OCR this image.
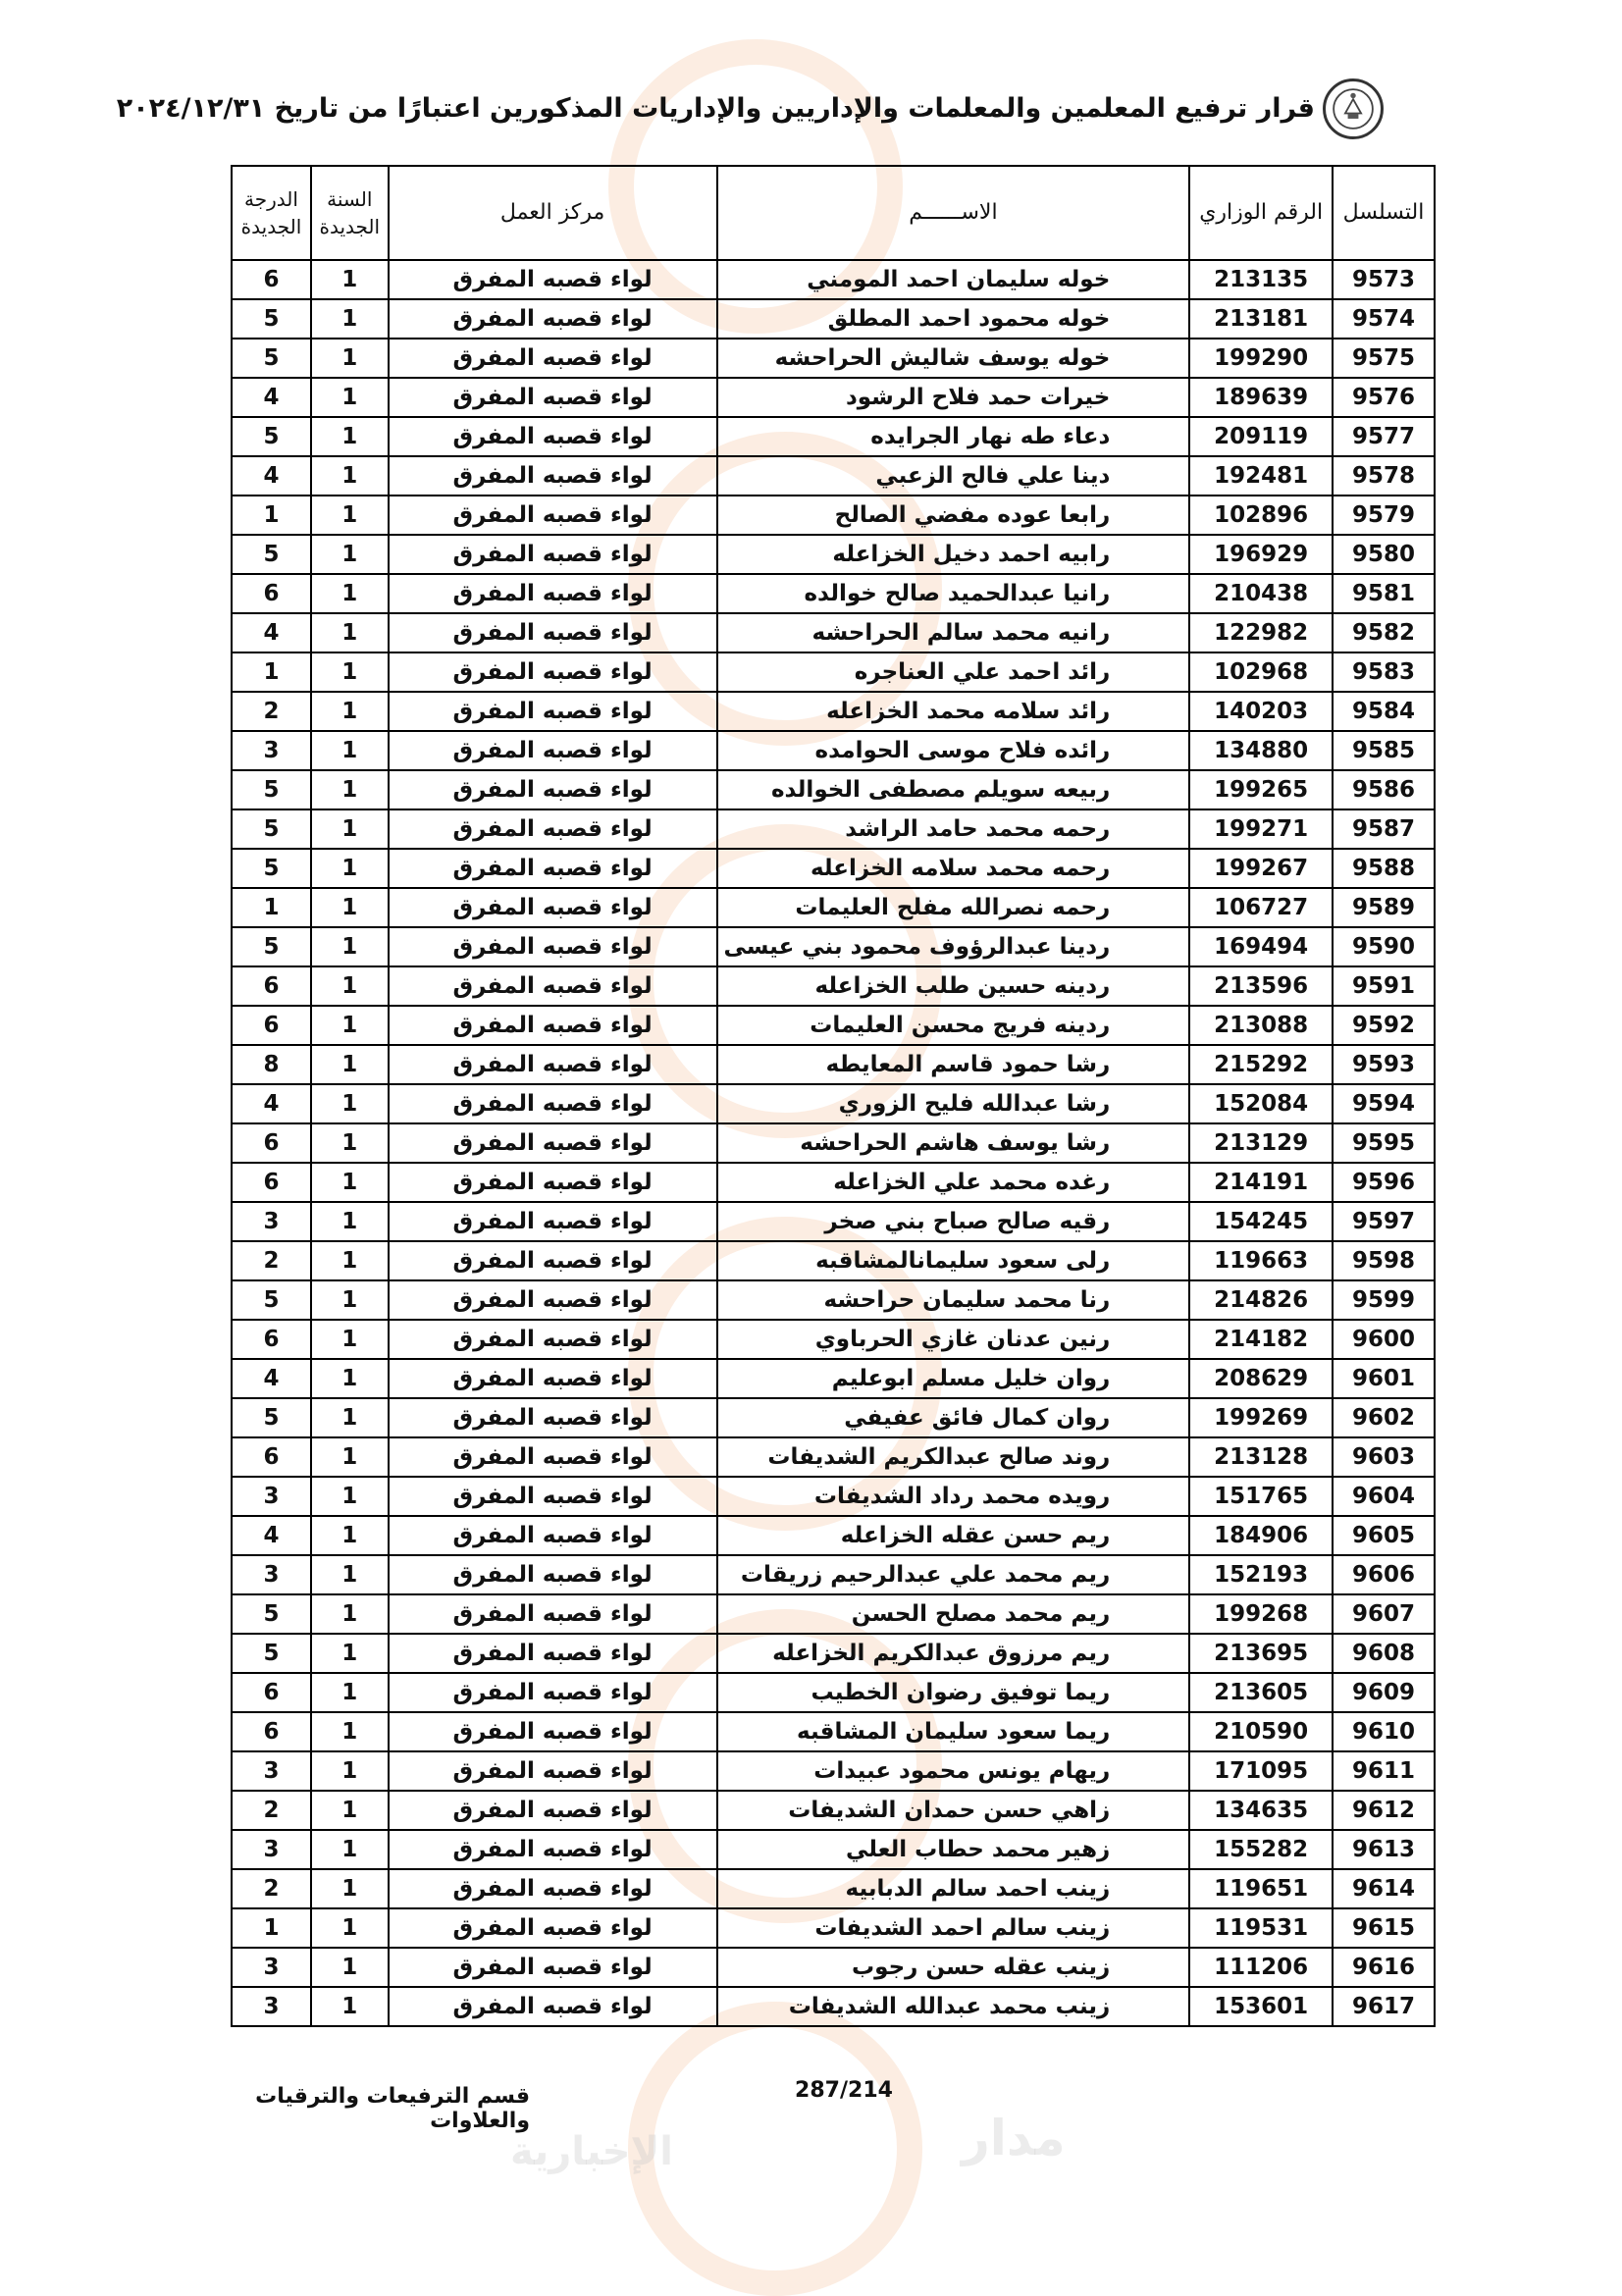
مدار
الإخبارية
قرار ترفيع المعلمين والمعلمات والإداريين والإداريات المذكورين اعتبارًا من تاريخ ٢٠٢٤/١٢/٣١
التسلسل	الرقم الوزاري	الاســــــم	مركز العمل	السنة الجديدة	الدرجة الجديدة
9573	213135	خوله سليمان احمد المومني	لواء قصبه المفرق	1	6
9574	213181	خوله محمود احمد المطلق	لواء قصبه المفرق	1	5
9575	199290	خوله يوسف شاليش الحراحشه	لواء قصبه المفرق	1	5
9576	189639	خيرات حمد فلاح الرشود	لواء قصبه المفرق	1	4
9577	209119	دعاء طه نهار الجرايده	لواء قصبه المفرق	1	5
9578	192481	دينا علي فالح الزعبي	لواء قصبه المفرق	1	4
9579	102896	رابعا عوده مفضي الصالح	لواء قصبه المفرق	1	1
9580	196929	رابيه احمد دخيل الخزاعله	لواء قصبه المفرق	1	5
9581	210438	رانيا عبدالحميد صالح خوالده	لواء قصبه المفرق	1	6
9582	122982	رانيه محمد سالم الحراحشه	لواء قصبه المفرق	1	4
9583	102968	رائد احمد علي العناجره	لواء قصبه المفرق	1	1
9584	140203	رائد سلامه محمد الخزاعله	لواء قصبه المفرق	1	2
9585	134880	رائده فلاح موسى الحوامده	لواء قصبه المفرق	1	3
9586	199265	ربيعه سويلم مصطفى الخوالده	لواء قصبه المفرق	1	5
9587	199271	رحمه محمد حامد الراشد	لواء قصبه المفرق	1	5
9588	199267	رحمه محمد سلامه الخزاعله	لواء قصبه المفرق	1	5
9589	106727	رحمه نصرالله مفلح العليمات	لواء قصبه المفرق	1	1
9590	169494	ردينا عبدالرؤوف محمود بني عيسى	لواء قصبه المفرق	1	5
9591	213596	ردينه حسين طلب الخزاعله	لواء قصبه المفرق	1	6
9592	213088	ردينه فريج محسن العليمات	لواء قصبه المفرق	1	6
9593	215292	رشا حمود قاسم المعايطه	لواء قصبه المفرق	1	8
9594	152084	رشا عبدالله فليح الزوري	لواء قصبه المفرق	1	4
9595	213129	رشا يوسف هاشم الحراحشه	لواء قصبه المفرق	1	6
9596	214191	رغده محمد علي الخزاعله	لواء قصبه المفرق	1	6
9597	154245	رقيه صالح صباح بني صخر	لواء قصبه المفرق	1	3
9598	119663	رلى سعود سليمانالمشاقبه	لواء قصبه المفرق	1	2
9599	214826	رنا محمد سليمان حراحشه	لواء قصبه المفرق	1	5
9600	214182	رنين عدنان غازي الحرباوي	لواء قصبه المفرق	1	6
9601	208629	روان خليل مسلم ابوعليم	لواء قصبه المفرق	1	4
9602	199269	روان كمال فائق عفيفي	لواء قصبه المفرق	1	5
9603	213128	روند صالح عبدالكريم الشديفات	لواء قصبه المفرق	1	6
9604	151765	رويده محمد رداد الشديفات	لواء قصبه المفرق	1	3
9605	184906	ريم حسن عقله الخزاعله	لواء قصبه المفرق	1	4
9606	152193	ريم محمد علي عبدالرحيم زريقات	لواء قصبه المفرق	1	3
9607	199268	ريم محمد مصلح الحسن	لواء قصبه المفرق	1	5
9608	213695	ريم مرزوق عبدالكريم الخزاعله	لواء قصبه المفرق	1	5
9609	213605	ريما توفيق رضوان الخطيب	لواء قصبه المفرق	1	6
9610	210590	ريما سعود سليمان المشاقبه	لواء قصبه المفرق	1	6
9611	171095	ريهام يونس محمود عبيدات	لواء قصبه المفرق	1	3
9612	134635	زاهي حسن حمدان الشديفات	لواء قصبه المفرق	1	2
9613	155282	زهير محمد حطاب العلي	لواء قصبه المفرق	1	3
9614	119651	زينب احمد سالم الدبابيه	لواء قصبه المفرق	1	2
9615	119531	زينب سالم احمد الشديفات	لواء قصبه المفرق	1	1
9616	111206	زينب عقله حسن رجوب	لواء قصبه المفرق	1	3
9617	153601	زينب محمد عبدالله الشديفات	لواء قصبه المفرق	1	3
287/214
قسم الترفيعات والترقيات والعلاوات
